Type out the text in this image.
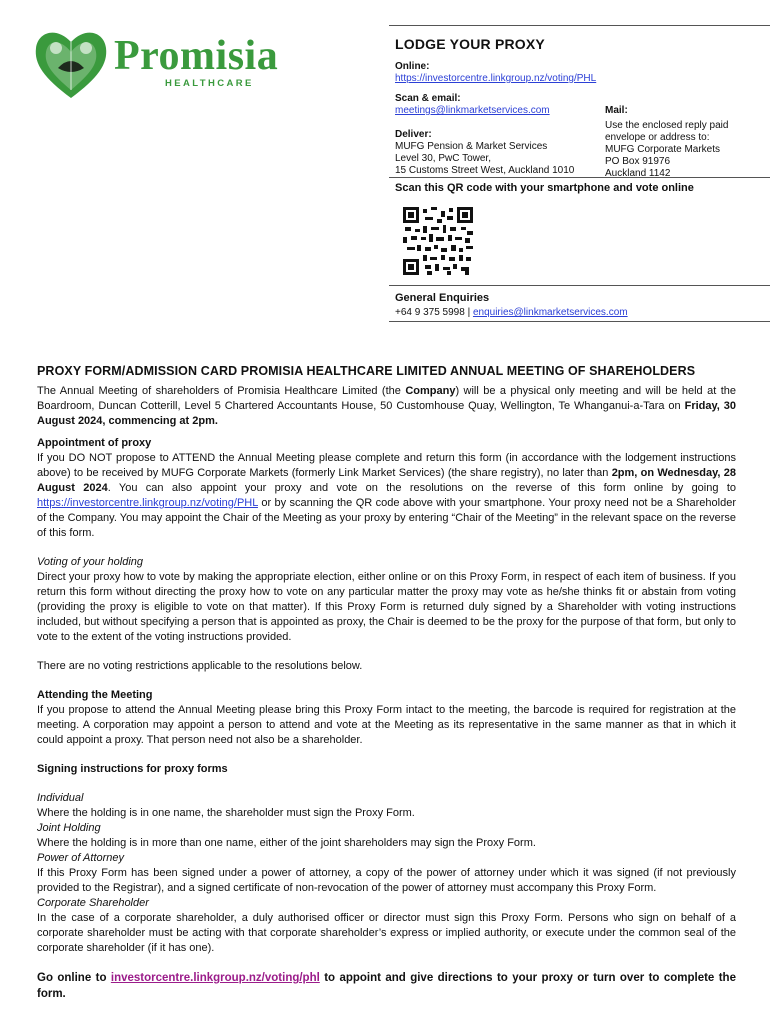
Promisia
HEALTHCARE
LODGE YOUR PROXY
Online:
https://investorcentre.linkgroup.nz/voting/PHL
Scan & email:
meetings@linkmarketservices.com	Mail:
Use the enclosed reply paid
envelope or address to:
MUFG Corporate Markets
PO Box 91976
Auckland 1142
Deliver:
MUFG Pension & Market Services
Level 30, PwC Tower,
15 Customs Street West, Auckland 1010
Scan this QR code with your smartphone and vote online
General Enquiries
+64 9 375 5998 | enquiries@linkmarketservices.com
PROXY FORM/ADMISSION CARD PROMISIA HEALTHCARE LIMITED ANNUAL MEETING OF SHAREHOLDERS

The Annual Meeting of shareholders of Promisia Healthcare Limited (the Company) will be a physical only meeting and will be held at the Boardroom, Duncan Cotterill, Level 5 Chartered Accountants House, 50 Customhouse Quay, Wellington, Te Whanganui-a-Tara on Friday, 30 August 2024, commencing at 2pm.

Appointment of proxy

If you DO NOT propose to ATTEND the Annual Meeting please complete and return this form (in accordance with the lodgement instructions above) to be received by MUFG Corporate Markets (formerly Link Market Services) (the share registry), no later than 2pm, on Wednesday, 28 August 2024. You can also appoint your proxy and vote on the resolutions on the reverse of this form online by going to https://investorcentre.linkgroup.nz/voting/PHL or by scanning the QR code above with your smartphone. Your proxy need not be a Shareholder of the Company. You may appoint the Chair of the Meeting as your proxy by entering “Chair of the Meeting” in the relevant space on the reverse of this form.

Voting of your holding

Direct your proxy how to vote by making the appropriate election, either online or on this Proxy Form, in respect of each item of business. If you return this form without directing the proxy how to vote on any particular matter the proxy may vote as he/she thinks fit or abstain from voting (providing the proxy is eligible to vote on that matter). If this Proxy Form is returned duly signed by a Shareholder with voting instructions included, but without specifying a person that is appointed as proxy, the Chair is deemed to be the proxy for the purpose of that form, but only to vote to the extent of the voting instructions provided.

There are no voting restrictions applicable to the resolutions below.

Attending the Meeting

If you propose to attend the Annual Meeting please bring this Proxy Form intact to the meeting, the barcode is required for registration at the meeting. A corporation may appoint a person to attend and vote at the Meeting as its representative in the same manner as that in which it could appoint a proxy. That person need not also be a shareholder.

Signing instructions for proxy forms

Individual

Where the holding is in one name, the shareholder must sign the Proxy Form.

Joint Holding

Where the holding is in more than one name, either of the joint shareholders may sign the Proxy Form.

Power of Attorney

If this Proxy Form has been signed under a power of attorney, a copy of the power of attorney under which it was signed (if not previously provided to the Registrar), and a signed certificate of non-revocation of the power of attorney must accompany this Proxy Form.

Corporate Shareholder

In the case of a corporate shareholder, a duly authorised officer or director must sign this Proxy Form. Persons who sign on behalf of a corporate shareholder must be acting with that corporate shareholder’s express or implied authority, or execute under the common seal of the corporate shareholder (if it has one).

Go online to investorcentre.linkgroup.nz/voting/phl to appoint and give directions to your proxy or turn over to complete the form.
